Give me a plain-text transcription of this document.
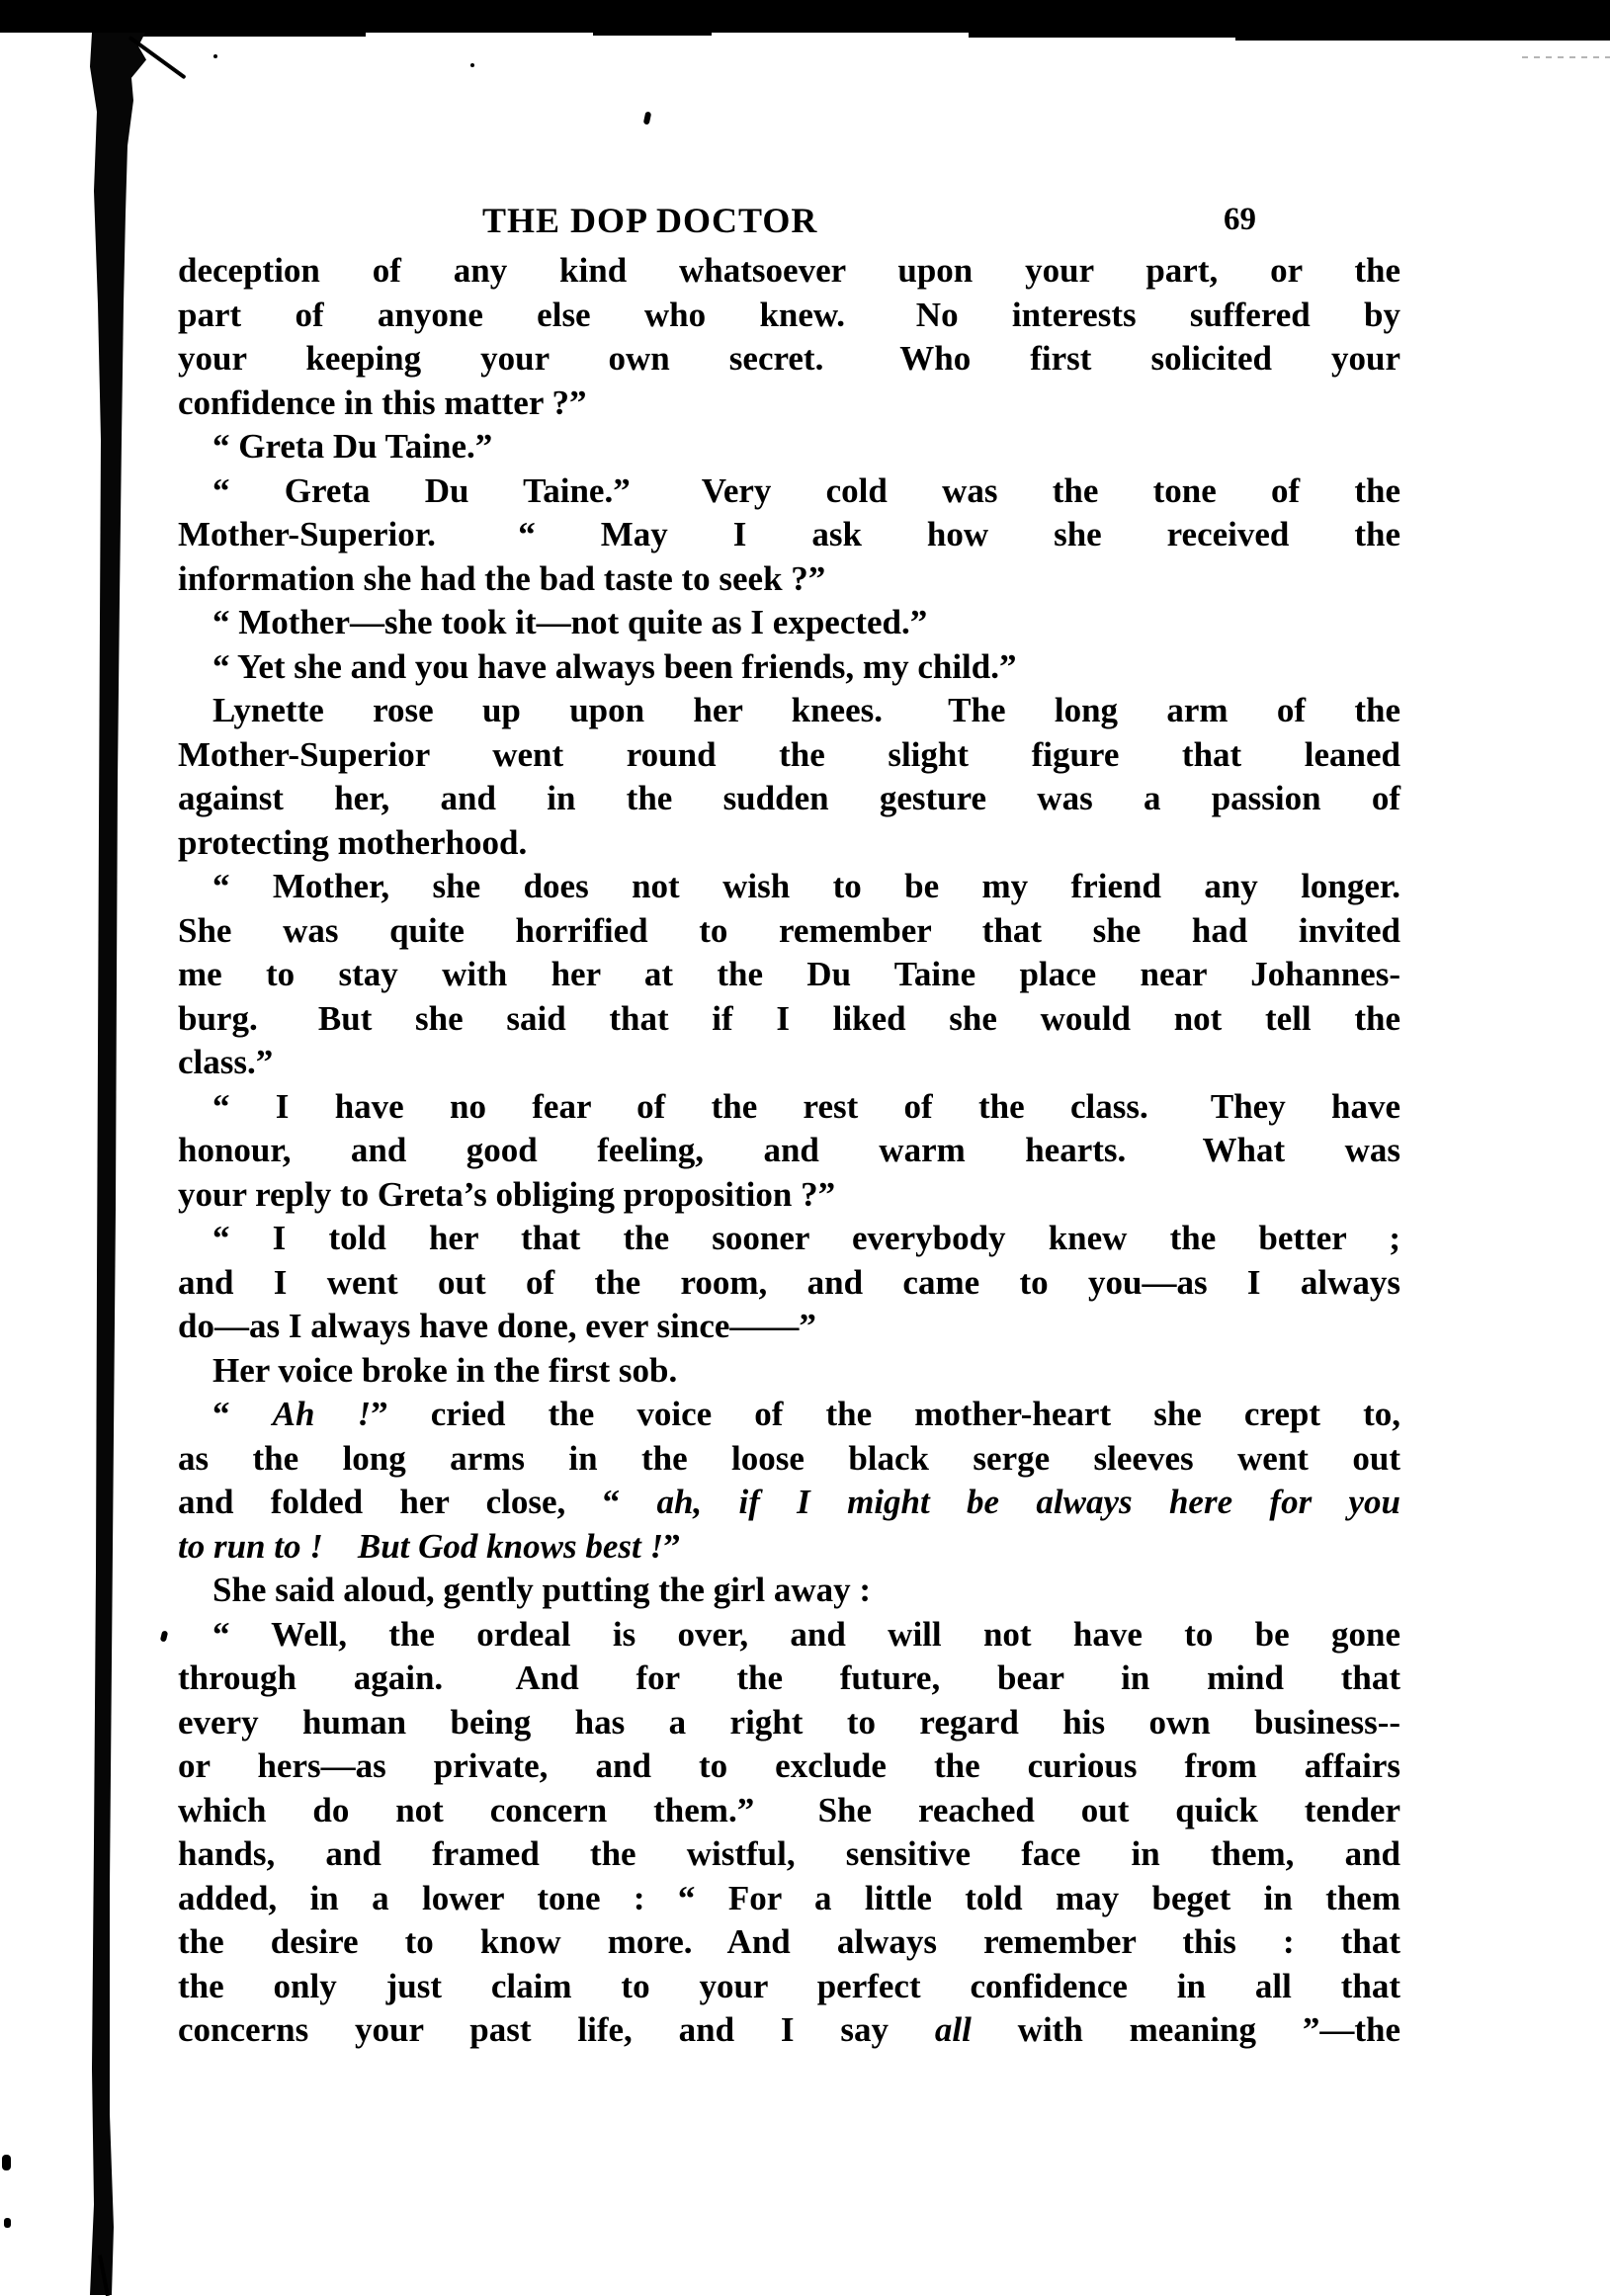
THE DOP DOCTOR	69
deception of any kind whatsoever upon your part, or the
part of anyone else who knew.  No interests suffered by
your keeping your own secret.  Who first solicited your
confidence in this matter ?”
“ Greta Du Taine.”
“ Greta Du Taine.”  Very cold was the tone of the
Mother-Superior.  “ May I ask how she received the
information she had the bad taste to seek ?”
“ Mother—she took it—not quite as I expected.”
“ Yet she and you have always been friends, my child.”
Lynette rose up upon her knees.  The long arm of the
Mother-Superior went round the slight figure that leaned
against her, and in the sudden gesture was a passion of
protecting motherhood.
“ Mother, she does not wish to be my friend any longer.
She was quite horrified to remember that she had invited
me to stay with her at the Du Taine place near Johannes-
burg.  But she said that if I liked she would not tell the
class.”
“ I have no fear of the rest of the class.  They have
honour, and good feeling, and warm hearts.  What was
your reply to Greta’s obliging proposition ?”
“ I told her that the sooner everybody knew the better ;
and I went out of the room, and came to you—as I always
do—as I always have done, ever since——”
Her voice broke in the first sob.
“ Ah !” cried the voice of the mother-heart she crept to,
as the long arms in the loose black serge sleeves went out
and folded her close, “ ah, if I might be always here for you
to run to ! But God knows best !”
She said aloud, gently putting the girl away :
“ Well, the ordeal is over, and will not have to be gone
through again.  And for the future, bear in mind that
every human being has a right to regard his own business--
or hers—as private, and to exclude the curious from affairs
which do not concern them.”  She reached out quick tender
hands, and framed the wistful, sensitive face in them, and
added, in a lower tone : “ For a little told may beget in them
the desire to know more. And always remember this : that
the only just claim to your perfect confidence in all that
concerns your past life, and I say all with meaning ”—the
